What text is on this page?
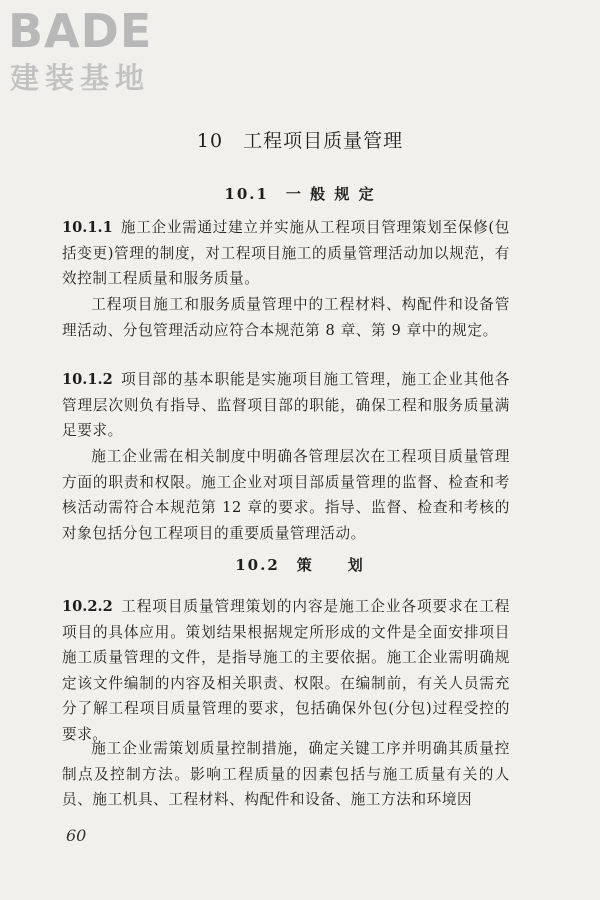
BADE
建装基地
10　工程项目质量管理
10.1　一 般 规 定
10.1.1 施工企业需通过建立并实施从工程项目管理策划至保修(包括变更)管理的制度，对工程项目施工的质量管理活动加以规范，有效控制工程质量和服务质量。
工程项目施工和服务质量管理中的工程材料、构配件和设备管理活动、分包管理活动应符合本规范第 8 章、第 9 章中的规定。
10.1.2 项目部的基本职能是实施项目施工管理，施工企业其他各管理层次则负有指导、监督项目部的职能，确保工程和服务质量满足要求。
施工企业需在相关制度中明确各管理层次在工程项目质量管理方面的职责和权限。施工企业对项目部质量管理的监督、检查和考核活动需符合本规范第 12 章的要求。指导、监督、检查和考核的对象包括分包工程项目的重要质量管理活动。
10.2　策　　划
10.2.2 工程项目质量管理策划的内容是施工企业各项要求在工程项目的具体应用。策划结果根据规定所形成的文件是全面安排项目施工质量管理的文件，是指导施工的主要依据。施工企业需明确规定该文件编制的内容及相关职责、权限。在编制前，有关人员需充分了解工程项目质量管理的要求，包括确保外包(分包)过程受控的要求。
施工企业需策划质量控制措施，确定关键工序并明确其质量控制点及控制方法。影响工程质量的因素包括与施工质量有关的人员、施工机具、工程材料、构配件和设备、施工方法和环境因
60
